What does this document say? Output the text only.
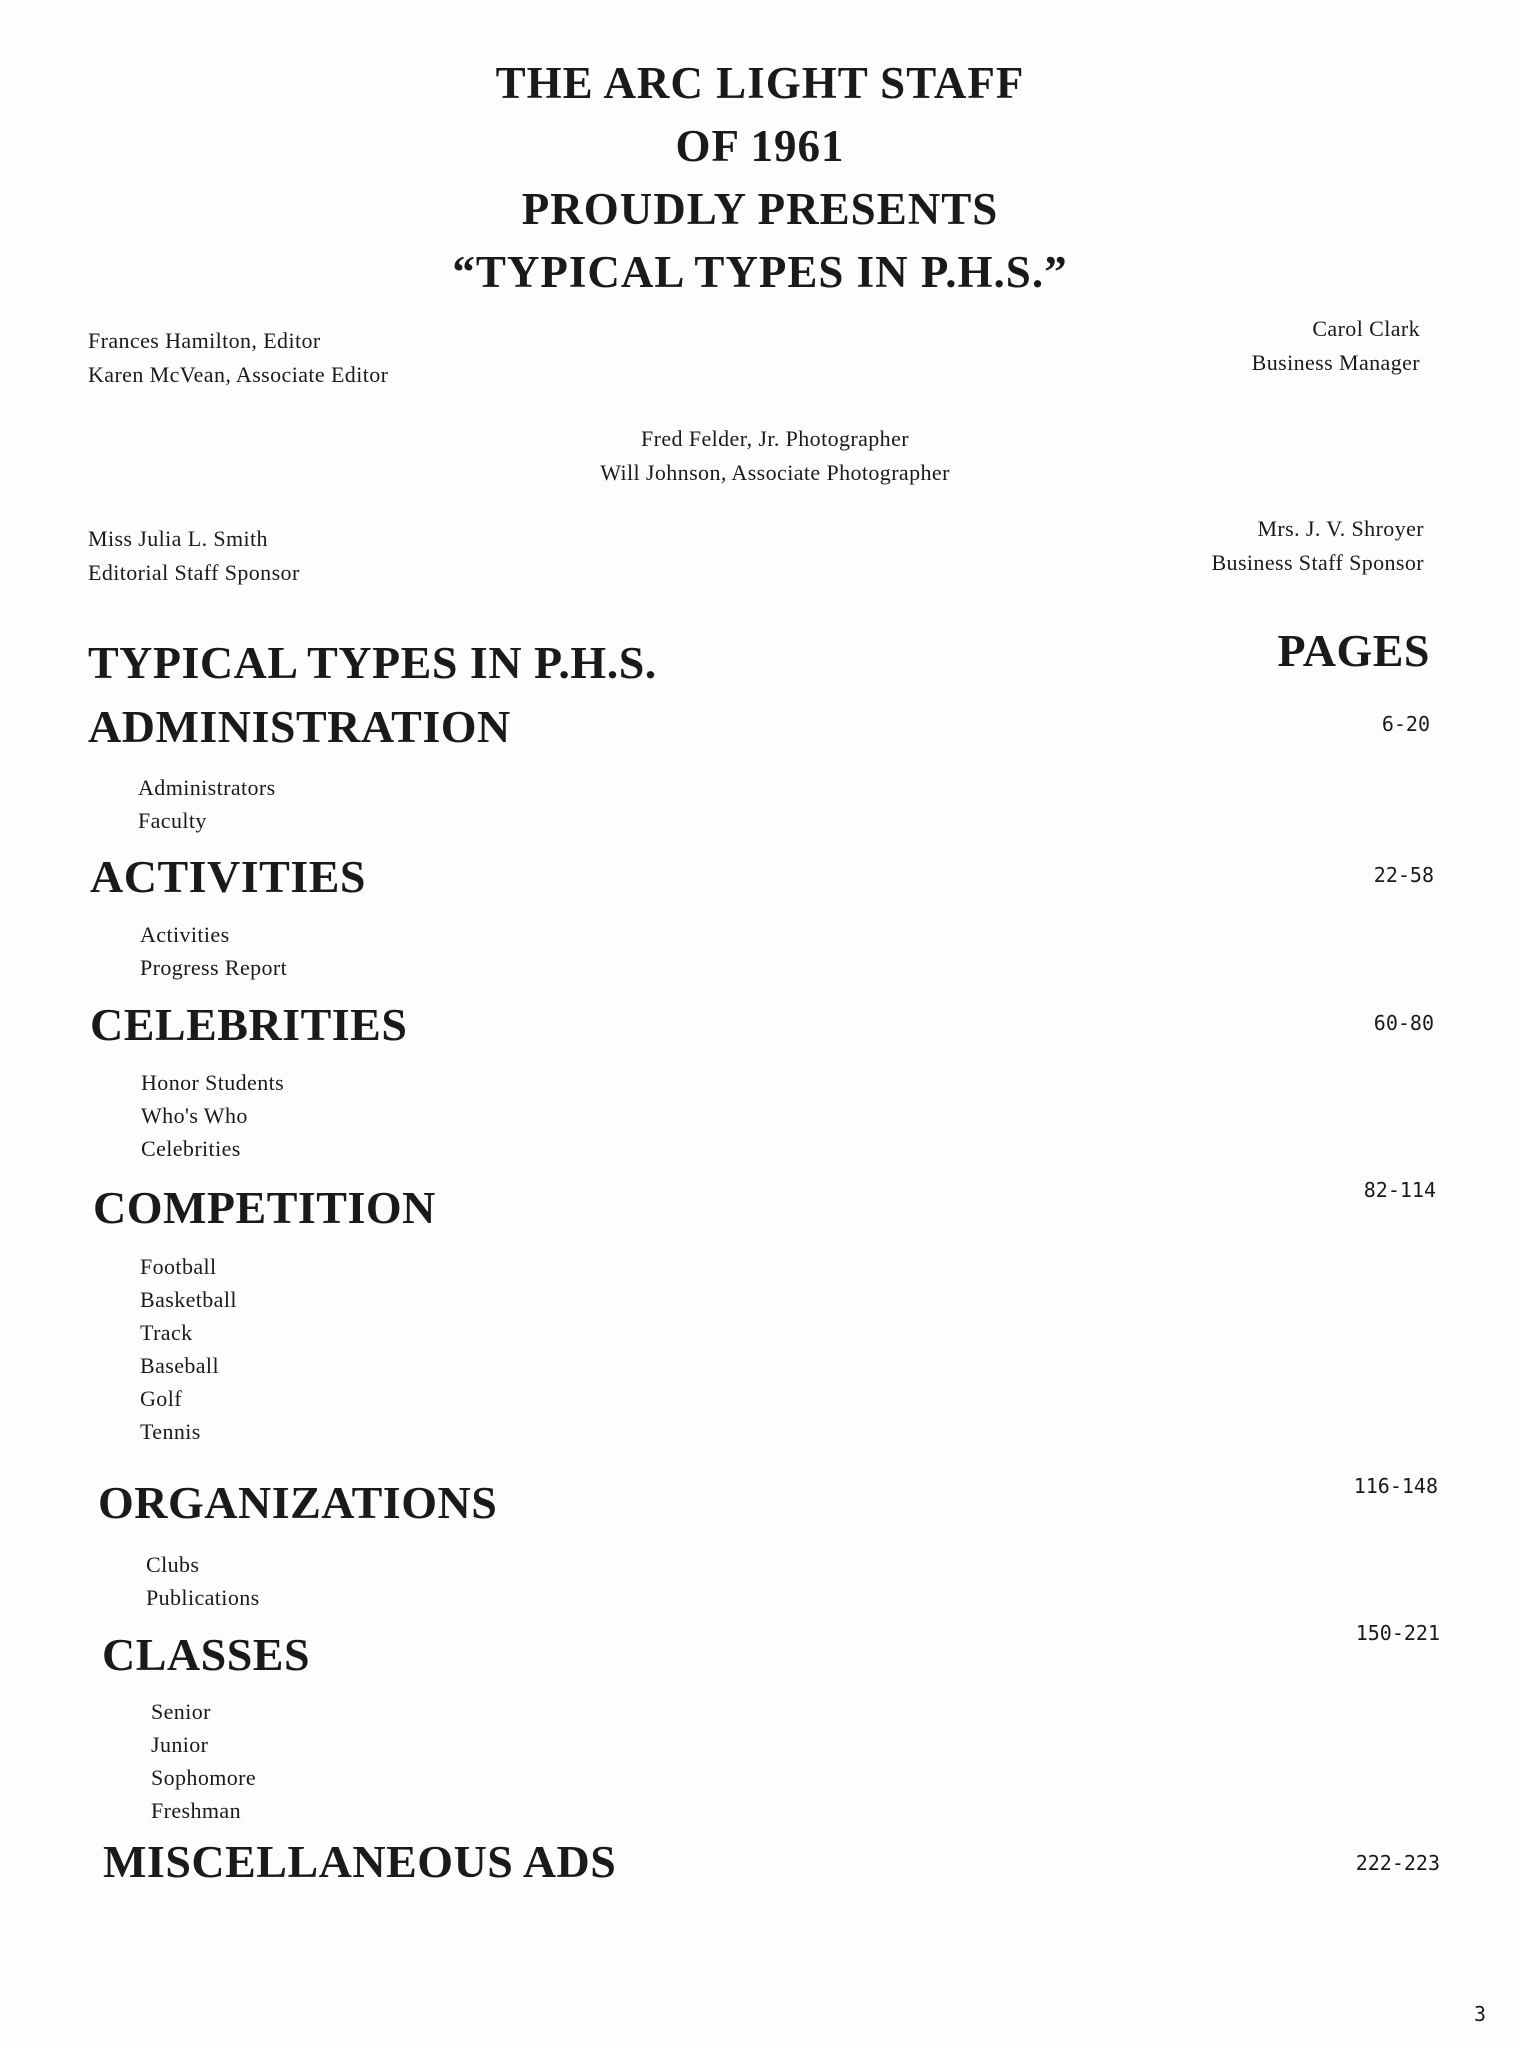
THE ARC LIGHT STAFF
OF 1961
PROUDLY PRESENTS
“TYPICAL TYPES IN P.H.S.”
Frances Hamilton, Editor
Karen McVean, Associate Editor
Carol Clark
Business Manager
Fred Felder, Jr. Photographer
Will Johnson, Associate Photographer
Miss Julia L. Smith
Editorial Staff Sponsor
Mrs. J. V. Shroyer
Business Staff Sponsor
TYPICAL TYPES IN P.H.S.	PAGES
ADMINISTRATION	6-20
Administrators
Faculty
ACTIVITIES	22-58
Activities
Progress Report
CELEBRITIES	60-80
Honor Students
Who's Who
Celebrities
COMPETITION	82-114
Football
Basketball
Track
Baseball
Golf
Tennis
ORGANIZATIONS	116-148
Clubs
Publications
CLASSES	150-221
Senior
Junior
Sophomore
Freshman
MISCELLANEOUS ADS	222-223
3
